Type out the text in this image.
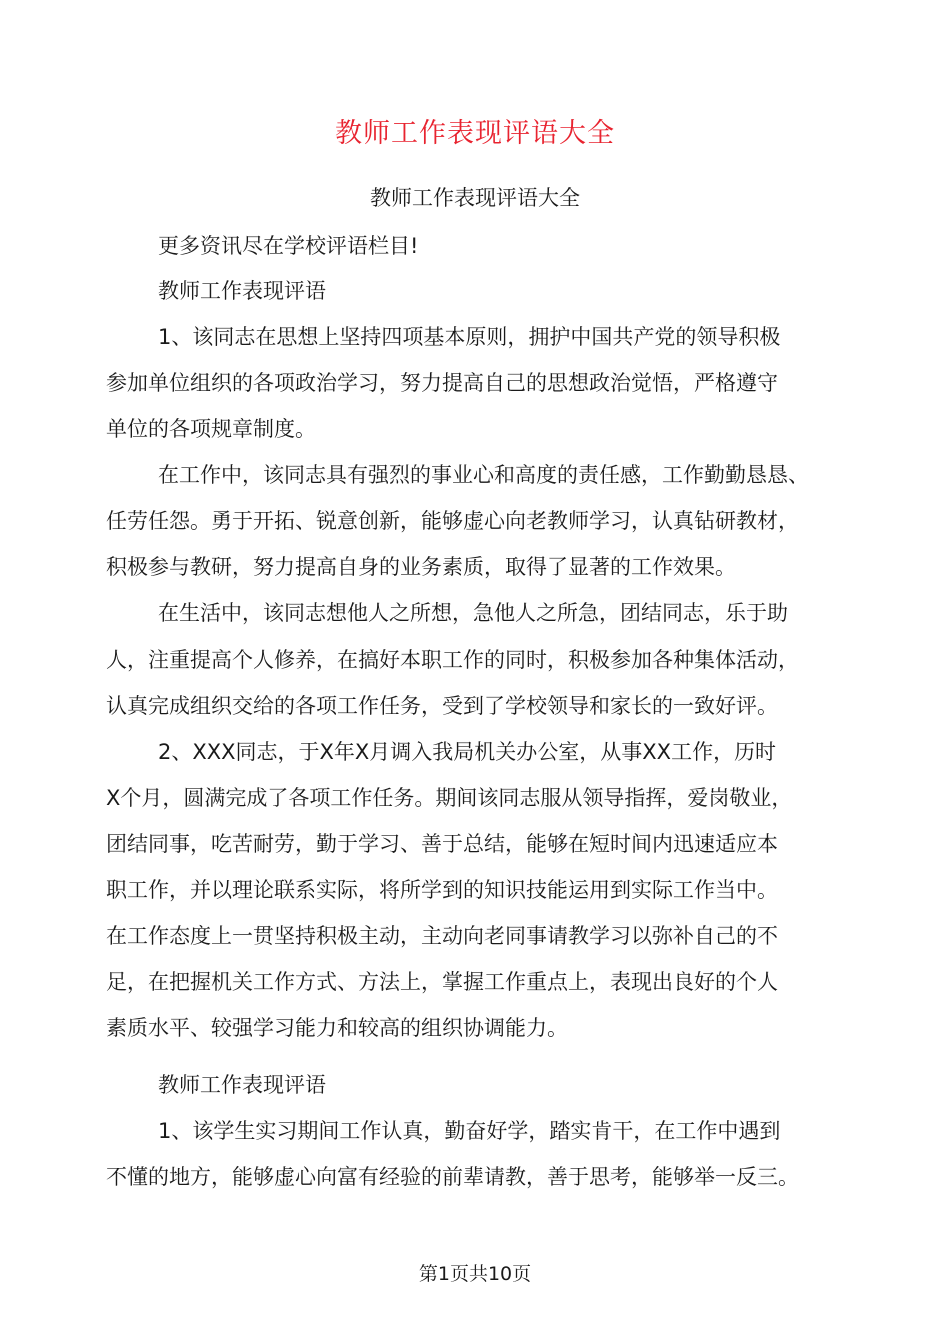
教师工作表现评语大全
教师工作表现评语大全
更多资讯尽在学校评语栏目!
教师工作表现评语
1、该同志在思想上坚持四项基本原则，拥护中国共产党的领导积极
参加单位组织的各项政治学习，努力提高自己的思想政治觉悟，严格遵守
单位的各项规章制度。
在工作中，该同志具有强烈的事业心和高度的责任感，工作勤勤恳恳、
任劳任怨。勇于开拓、锐意创新，能够虚心向老教师学习，认真钻研教材，
积极参与教研，努力提高自身的业务素质，取得了显著的工作效果。
在生活中，该同志想他人之所想，急他人之所急，团结同志，乐于助
人，注重提高个人修养，在搞好本职工作的同时，积极参加各种集体活动，
认真完成组织交给的各项工作任务，受到了学校领导和家长的一致好评。
2、XXX同志，于X年X月调入我局机关办公室，从事XX工作，历时
X个月，圆满完成了各项工作任务。期间该同志服从领导指挥，爱岗敬业，
团结同事，吃苦耐劳，勤于学习、善于总结，能够在短时间内迅速适应本
职工作，并以理论联系实际，将所学到的知识技能运用到实际工作当中。
在工作态度上一贯坚持积极主动，主动向老同事请教学习以弥补自己的不
足，在把握机关工作方式、方法上，掌握工作重点上，表现出良好的个人
素质水平、较强学习能力和较高的组织协调能力。
教师工作表现评语
1、该学生实习期间工作认真，勤奋好学，踏实肯干，在工作中遇到
不懂的地方，能够虚心向富有经验的前辈请教，善于思考，能够举一反三。
第1页共10页
